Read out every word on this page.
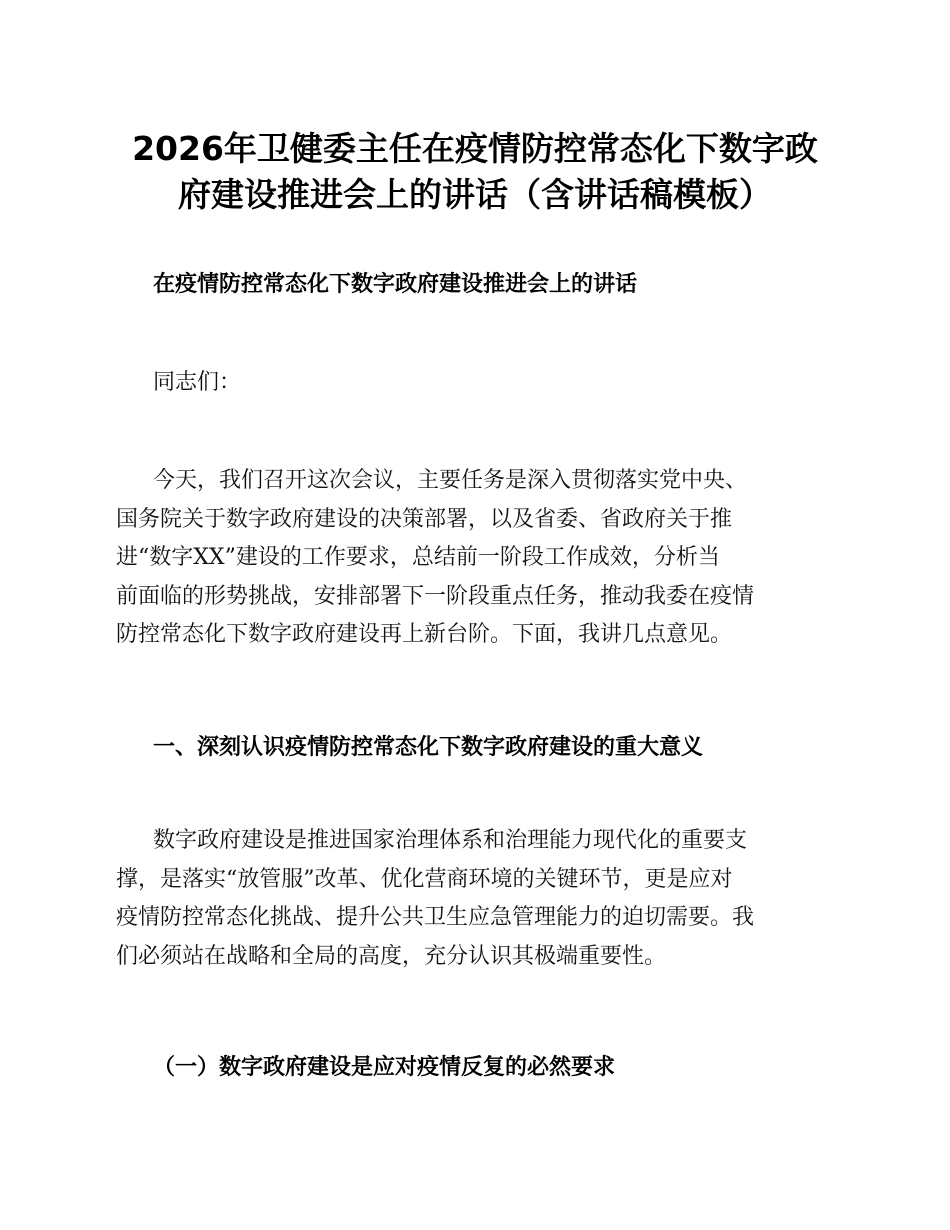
2026年卫健委主任在疫情防控常态化下数字政
府建设推进会上的讲话（含讲话稿模板）

在疫情防控常态化下数字政府建设推进会上的讲话

同志们：

今天，我们召开这次会议，主要任务是深入贯彻落实党中央、
国务院关于数字政府建设的决策部署，以及省委、省政府关于推
进“数字XX”建设的工作要求，总结前一阶段工作成效，分析当
前面临的形势挑战，安排部署下一阶段重点任务，推动我委在疫情
防控常态化下数字政府建设再上新台阶。下面，我讲几点意见。

一、深刻认识疫情防控常态化下数字政府建设的重大意义

数字政府建设是推进国家治理体系和治理能力现代化的重要支
撑，是落实“放管服”改革、优化营商环境的关键环节，更是应对
疫情防控常态化挑战、提升公共卫生应急管理能力的迫切需要。我
们必须站在战略和全局的高度，充分认识其极端重要性。

（一）数字政府建设是应对疫情反复的必然要求
